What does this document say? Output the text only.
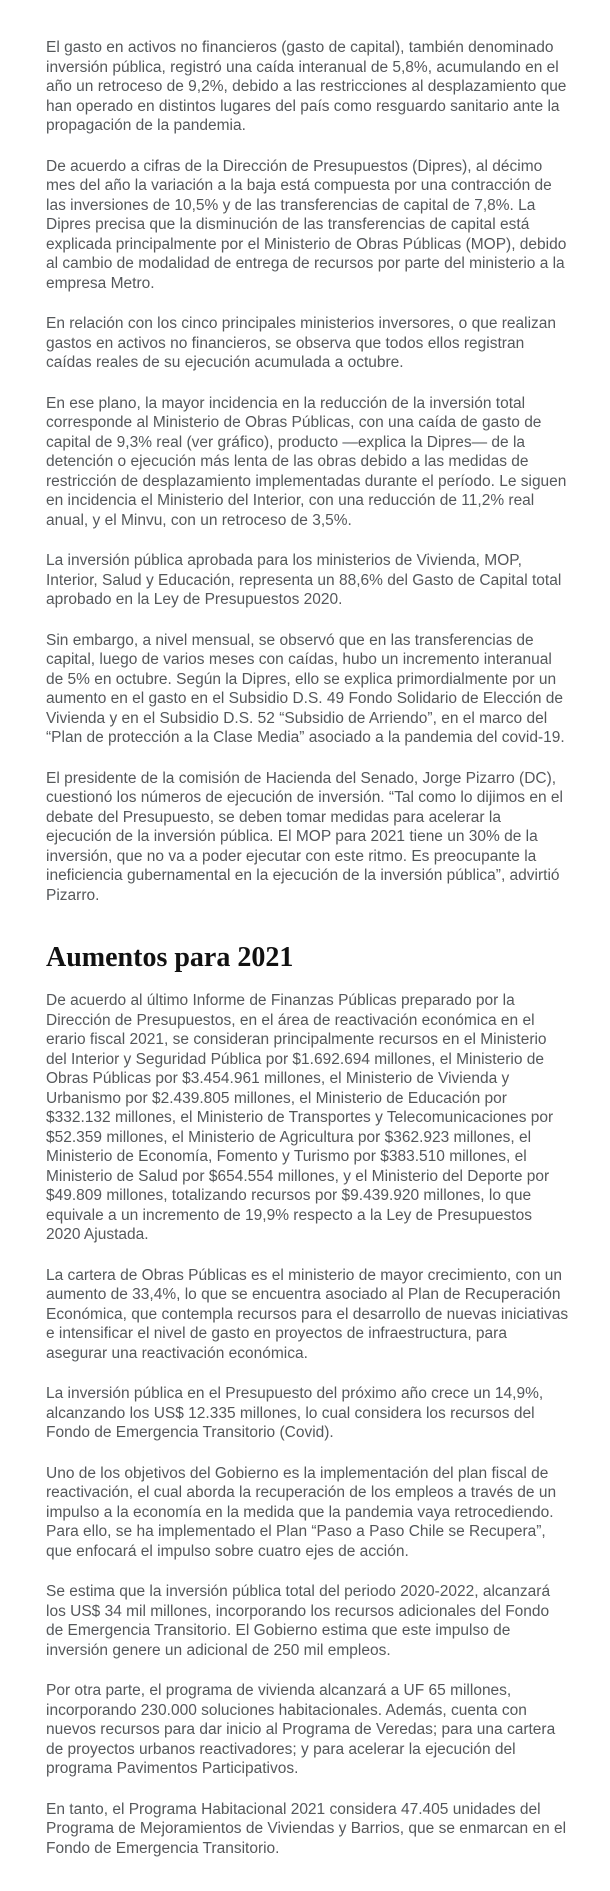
El gasto en activos no financieros (gasto de capital), también denominado inversión pública, registró una caída interanual de 5,8%, acumulando en el año un retroceso de 9,2%, debido a las restricciones al desplazamiento que han operado en distintos lugares del país como resguardo sanitario ante la propagación de la pandemia.

De acuerdo a cifras de la Dirección de Presupuestos (Dipres), al décimo mes del año la variación a la baja está compuesta por una contracción de las inversiones de 10,5% y de las transferencias de capital de 7,8%. La Dipres precisa que la disminución de las transferencias de capital está explicada principalmente por el Ministerio de Obras Públicas (MOP), debido al cambio de modalidad de entrega de recursos por parte del ministerio a la empresa Metro.

En relación con los cinco principales ministerios inversores, o que realizan gastos en activos no financieros, se observa que todos ellos registran caídas reales de su ejecución acumulada a octubre.

En ese plano, la mayor incidencia en la reducción de la inversión total corresponde al Ministerio de Obras Públicas, con una caída de gasto de capital de 9,3% real (ver gráfico), producto —explica la Dipres— de la detención o ejecución más lenta de las obras debido a las medidas de restricción de desplazamiento implementadas durante el período. Le siguen en incidencia el Ministerio del Interior, con una reducción de 11,2% real anual, y el Minvu, con un retroceso de 3,5%.

La inversión pública aprobada para los ministerios de Vivienda, MOP, Interior, Salud y Educación, representa un 88,6% del Gasto de Capital total aprobado en la Ley de Presupuestos 2020.

Sin embargo, a nivel mensual, se observó que en las transferencias de capital, luego de varios meses con caídas, hubo un incremento interanual de 5% en octubre. Según la Dipres, ello se explica primordialmente por un aumento en el gasto en el Subsidio D.S. 49 Fondo Solidario de Elección de Vivienda y en el Subsidio D.S. 52 “Subsidio de Arriendo”, en el marco del “Plan de protección a la Clase Media” asociado a la pandemia del covid-19.

El presidente de la comisión de Hacienda del Senado, Jorge Pizarro (DC), cuestionó los números de ejecución de inversión. “Tal como lo dijimos en el debate del Presupuesto, se deben tomar medidas para acelerar la ejecución de la inversión pública. El MOP para 2021 tiene un 30% de la inversión, que no va a poder ejecutar con este ritmo. Es preocupante la ineficiencia gubernamental en la ejecución de la inversión pública”, advirtió Pizarro.

Aumentos para 2021

De acuerdo al último Informe de Finanzas Públicas preparado por la Dirección de Presupuestos, en el área de reactivación económica en el erario fiscal 2021, se consideran principalmente recursos en el Ministerio del Interior y Seguridad Pública por $1.692.694 millones, el Ministerio de Obras Públicas por $3.454.961 millones, el Ministerio de Vivienda y Urbanismo por $2.439.805 millones, el Ministerio de Educación por $332.132 millones, el Ministerio de Transportes y Telecomunicaciones por $52.359 millones, el Ministerio de Agricultura por $362.923 millones, el Ministerio de Economía, Fomento y Turismo por $383.510 millones, el Ministerio de Salud por $654.554 millones, y el Ministerio del Deporte por $49.809 millones, totalizando recursos por $9.439.920 millones, lo que equivale a un incremento de 19,9% respecto a la Ley de Presupuestos 2020 Ajustada.

La cartera de Obras Públicas es el ministerio de mayor crecimiento, con un aumento de 33,4%, lo que se encuentra asociado al Plan de Recuperación Económica, que contempla recursos para el desarrollo de nuevas iniciativas e intensificar el nivel de gasto en proyectos de infraestructura, para asegurar una reactivación económica.

La inversión pública en el Presupuesto del próximo año crece un 14,9%, alcanzando los US$ 12.335 millones, lo cual considera los recursos del Fondo de Emergencia Transitorio (Covid).

Uno de los objetivos del Gobierno es la implementación del plan fiscal de reactivación, el cual aborda la recuperación de los empleos a través de un impulso a la economía en la medida que la pandemia vaya retrocediendo. Para ello, se ha implementado el Plan “Paso a Paso Chile se Recupera”, que enfocará el impulso sobre cuatro ejes de acción.

Se estima que la inversión pública total del periodo 2020-2022, alcanzará los US$ 34 mil millones, incorporando los recursos adicionales del Fondo de Emergencia Transitorio. El Gobierno estima que este impulso de inversión genere un adicional de 250 mil empleos.

Por otra parte, el programa de vivienda alcanzará a UF 65 millones, incorporando 230.000 soluciones habitacionales. Además, cuenta con nuevos recursos para dar inicio al Programa de Veredas; para una cartera de proyectos urbanos reactivadores; y para acelerar la ejecución del programa Pavimentos Participativos.

En tanto, el Programa Habitacional 2021 considera 47.405 unidades del Programa de Mejoramientos de Viviendas y Barrios, que se enmarcan en el Fondo de Emergencia Transitorio.
